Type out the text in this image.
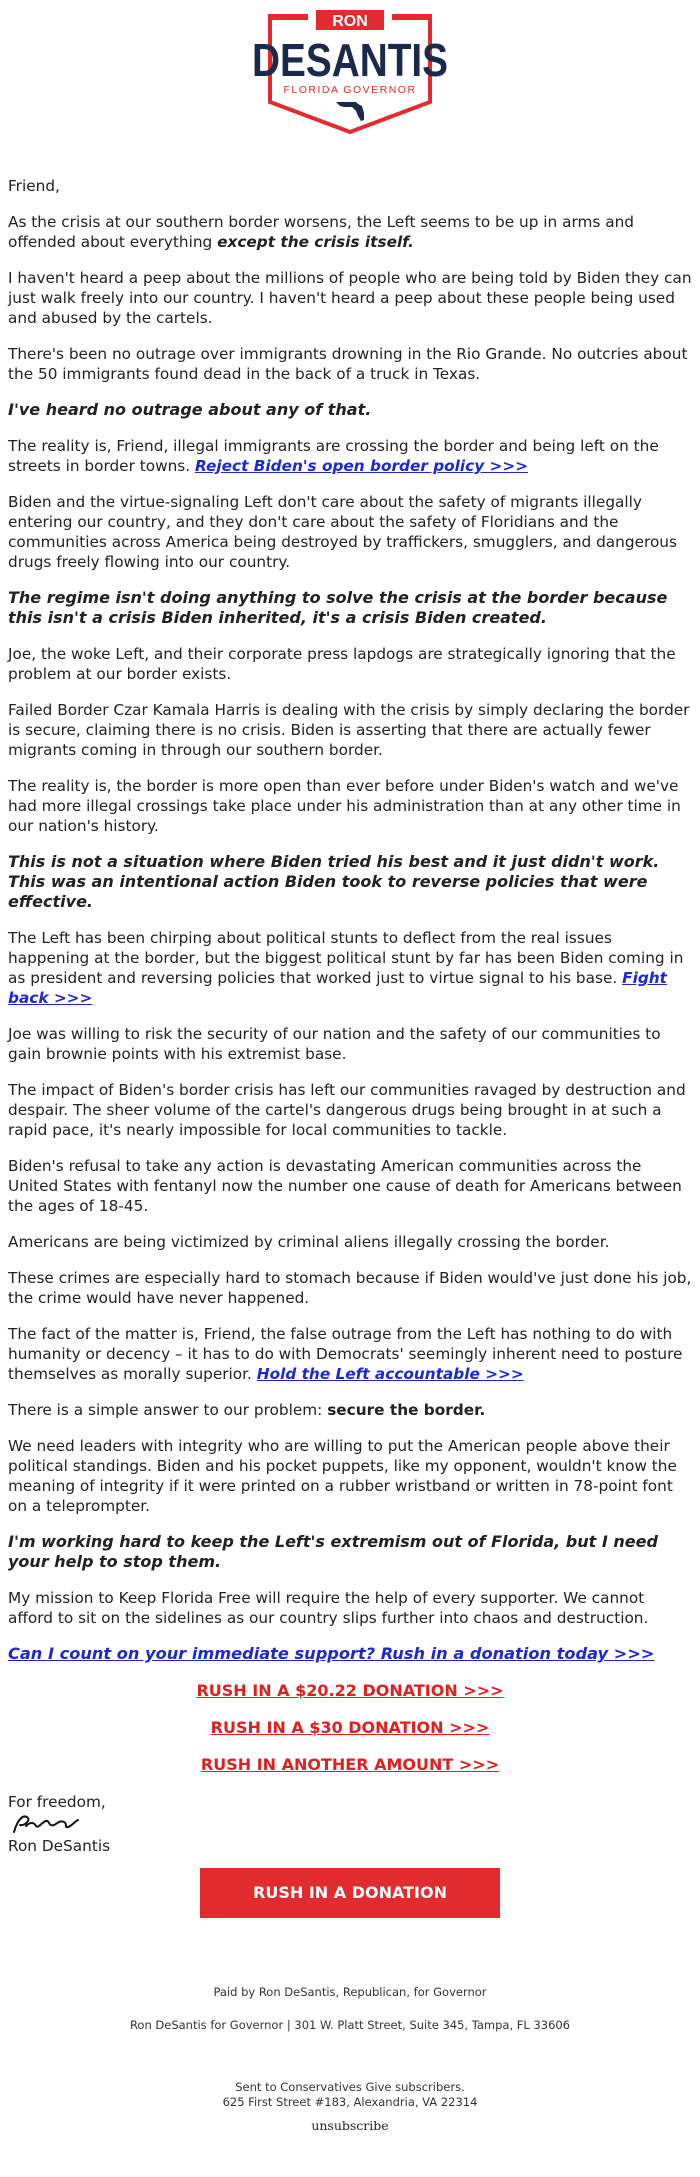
RON
DESANTIS
FLORIDA GOVERNOR

Friend,

As the crisis at our southern border worsens, the Left seems to be up in arms and offended about everything except the crisis itself.

I haven't heard a peep about the millions of people who are being told by Biden they can just walk freely into our country. I haven't heard a peep about these people being used and abused by the cartels.

There's been no outrage over immigrants drowning in the Rio Grande. No outcries about the 50 immigrants found dead in the back of a truck in Texas.

I've heard no outrage about any of that.

The reality is, Friend, illegal immigrants are crossing the border and being left on the streets in border towns. Reject Biden's open border policy >>>

Biden and the virtue-signaling Left don't care about the safety of migrants illegally entering our country, and they don't care about the safety of Floridians and the communities across America being destroyed by traffickers, smugglers, and dangerous drugs freely flowing into our country.

The regime isn't doing anything to solve the crisis at the border because this isn't a crisis Biden inherited, it's a crisis Biden created.

Joe, the woke Left, and their corporate press lapdogs are strategically ignoring that the problem at our border exists.

Failed Border Czar Kamala Harris is dealing with the crisis by simply declaring the border is secure, claiming there is no crisis. Biden is asserting that there are actually fewer migrants coming in through our southern border.

The reality is, the border is more open than ever before under Biden's watch and we've had more illegal crossings take place under his administration than at any other time in our nation's history.

This is not a situation where Biden tried his best and it just didn't work. This was an intentional action Biden took to reverse policies that were effective.

The Left has been chirping about political stunts to deflect from the real issues happening at the border, but the biggest political stunt by far has been Biden coming in as president and reversing policies that worked just to virtue signal to his base. Fight back >>>

Joe was willing to risk the security of our nation and the safety of our communities to gain brownie points with his extremist base.

The impact of Biden's border crisis has left our communities ravaged by destruction and despair. The sheer volume of the cartel's dangerous drugs being brought in at such a rapid pace, it's nearly impossible for local communities to tackle.

Biden's refusal to take any action is devastating American communities across the United States with fentanyl now the number one cause of death for Americans between the ages of 18-45.

Americans are being victimized by criminal aliens illegally crossing the border.

These crimes are especially hard to stomach because if Biden would've just done his job, the crime would have never happened.

The fact of the matter is, Friend, the false outrage from the Left has nothing to do with humanity or decency – it has to do with Democrats' seemingly inherent need to posture themselves as morally superior. Hold the Left accountable >>>

There is a simple answer to our problem: secure the border.

We need leaders with integrity who are willing to put the American people above their political standings. Biden and his pocket puppets, like my opponent, wouldn't know the meaning of integrity if it were printed on a rubber wristband or written in 78-point font on a teleprompter.

I'm working hard to keep the Left's extremism out of Florida, but I need your help to stop them.

My mission to Keep Florida Free will require the help of every supporter. We cannot afford to sit on the sidelines as our country slips further into chaos and destruction.

Can I count on your immediate support? Rush in a donation today >>>
RUSH IN A $20.22 DONATION >>>
RUSH IN A $30 DONATION >>>
RUSH IN ANOTHER AMOUNT >>>
For freedom,
Ron DeSantis
RUSH IN A DONATION
Paid by Ron DeSantis, Republican, for Governor
Ron DeSantis for Governor | 301 W. Platt Street, Suite 345, Tampa, FL 33606
Sent to Conservatives Give subscribers.
625 First Street #183, Alexandria, VA 22314
unsubscribe
